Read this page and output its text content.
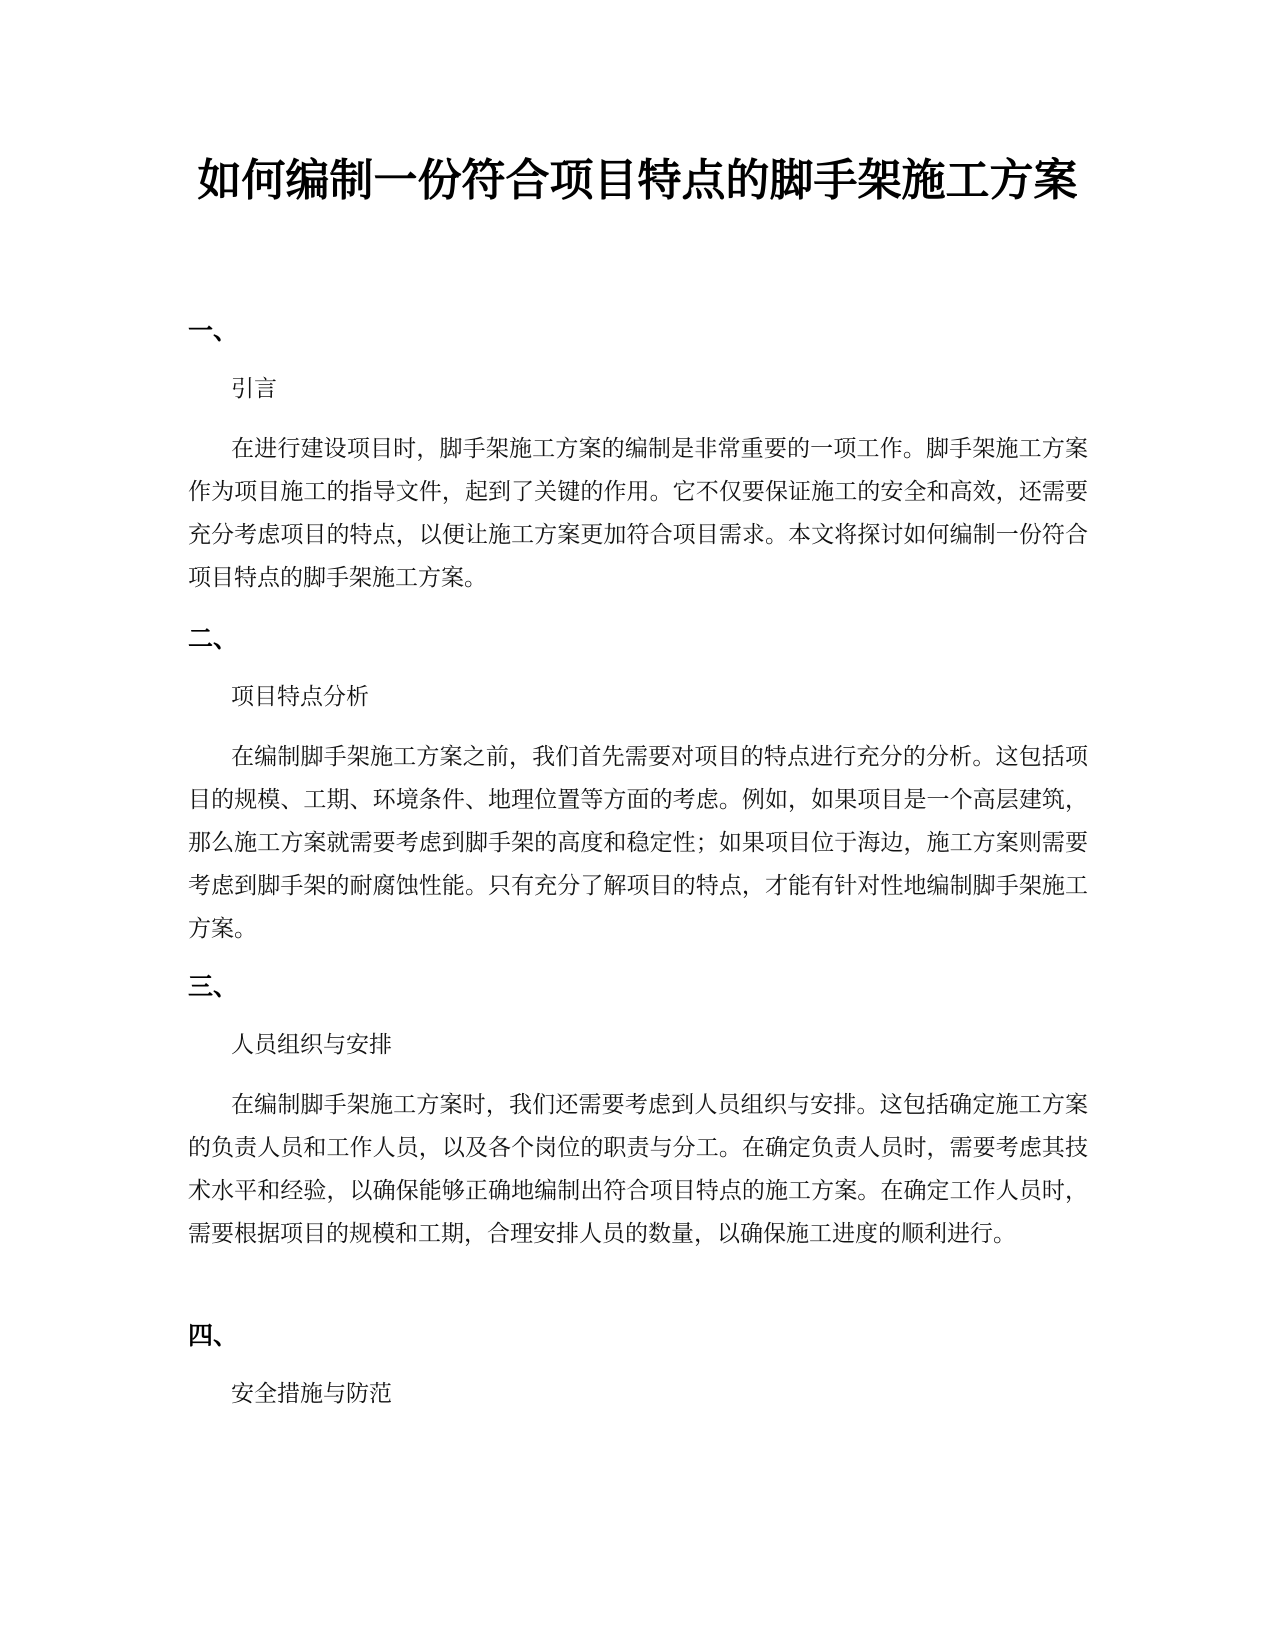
如何编制一份符合项目特点的脚手架施工方案
一、
引言

在进行建设项目时，脚手架施工方案的编制是非常重要的一项工作。脚手架施工方案作为项目施工的指导文件，起到了关键的作用。它不仅要保证施工的安全和高效，还需要充分考虑项目的特点，以便让施工方案更加符合项目需求。本文将探讨如何编制一份符合项目特点的脚手架施工方案。

二、
项目特点分析

在编制脚手架施工方案之前，我们首先需要对项目的特点进行充分的分析。这包括项目的规模、工期、环境条件、地理位置等方面的考虑。例如，如果项目是一个高层建筑，那么施工方案就需要考虑到脚手架的高度和稳定性；如果项目位于海边，施工方案则需要考虑到脚手架的耐腐蚀性能。只有充分了解项目的特点，才能有针对性地编制脚手架施工方案。

三、
人员组织与安排

在编制脚手架施工方案时，我们还需要考虑到人员组织与安排。这包括确定施工方案的负责人员和工作人员，以及各个岗位的职责与分工。在确定负责人员时，需要考虑其技术水平和经验，以确保能够正确地编制出符合项目特点的施工方案。在确定工作人员时，需要根据项目的规模和工期，合理安排人员的数量，以确保施工进度的顺利进行。

四、
安全措施与防范
